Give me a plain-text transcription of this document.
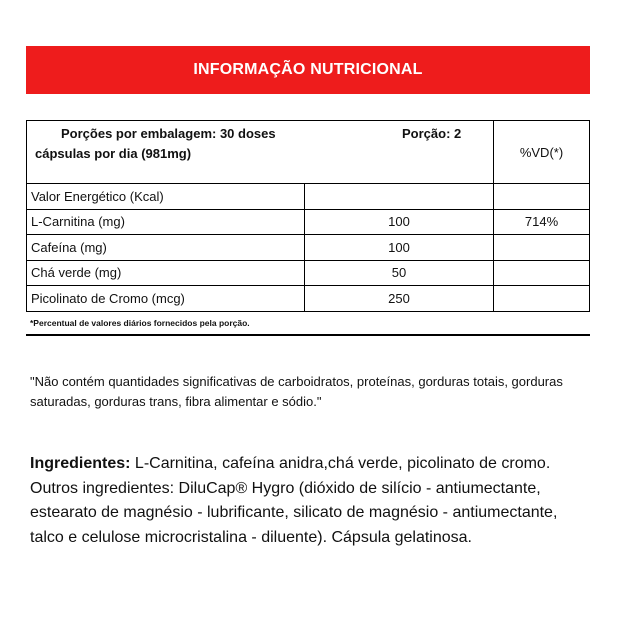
INFORMAÇÃO NUTRICIONAL
Porções por embalagem: 30 doses	Porção: 2
cápsulas por dia (981mg)	%VD(*)
Valor Energético (Kcal)
L-Carnitina (mg)	100	714%
Cafeína (mg)	100
Chá verde (mg)	50
Picolinato de Cromo (mcg)	250
*Percentual de valores diários fornecidos pela porção.
"Não contém quantidades significativas de carboidratos, proteínas, gorduras totais, gorduras saturadas, gorduras trans, fibra alimentar e sódio."
Ingredientes: L-Carnitina, cafeína anidra,chá verde, picolinato de cromo. Outros ingredientes: DiluCap® Hygro (dióxido de silício - antiumectante, estearato de magnésio - lubrificante, silicato de magnésio - antiumectante, talco e celulose microcristalina - diluente). Cápsula gelatinosa.
